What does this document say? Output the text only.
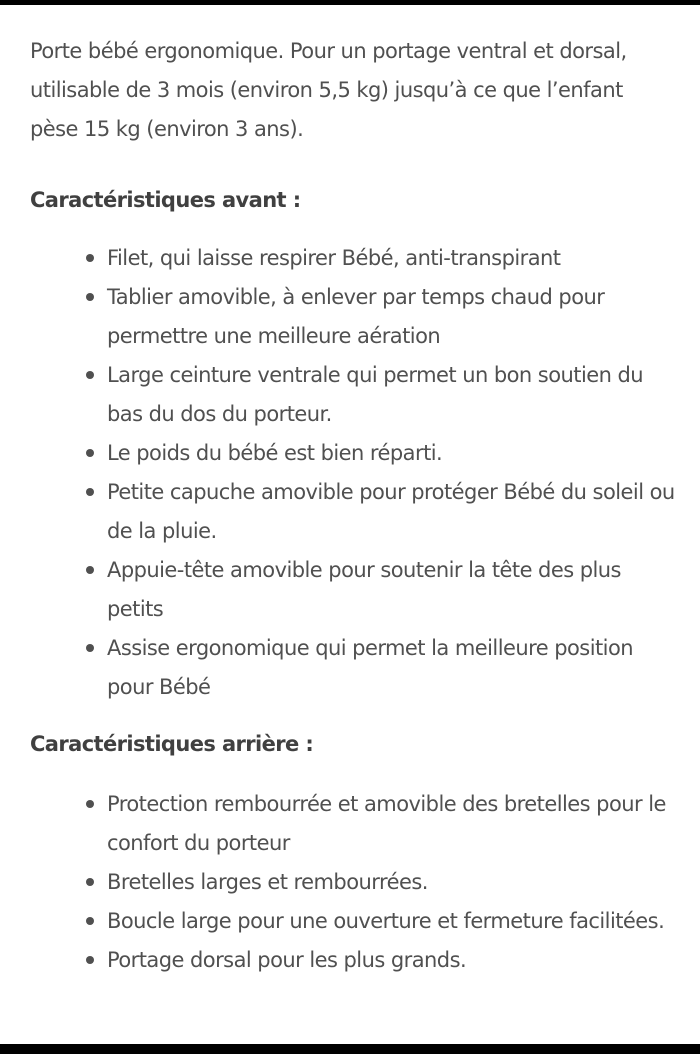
Porte bébé ergonomique. Pour un portage ventral et dorsal, utilisable de 3 mois (environ 5,5 kg) jusqu’à ce que l’enfant pèse 15 kg (environ 3 ans).

Caractéristiques avant :
Filet, qui laisse respirer Bébé, anti-transpirant
Tablier amovible, à enlever par temps chaud pour permettre une meilleure aération
Large ceinture ventrale qui permet un bon soutien du bas du dos du porteur.
Le poids du bébé est bien réparti.
Petite capuche amovible pour protéger Bébé du soleil ou de la pluie.
Appuie-tête amovible pour soutenir la tête des plus petits
Assise ergonomique qui permet la meilleure position pour Bébé
Caractéristiques arrière :
Protection rembourrée et amovible des bretelles pour le confort du porteur
Bretelles larges et rembourrées.
Boucle large pour une ouverture et fermeture facilitées.
Portage dorsal pour les plus grands.
